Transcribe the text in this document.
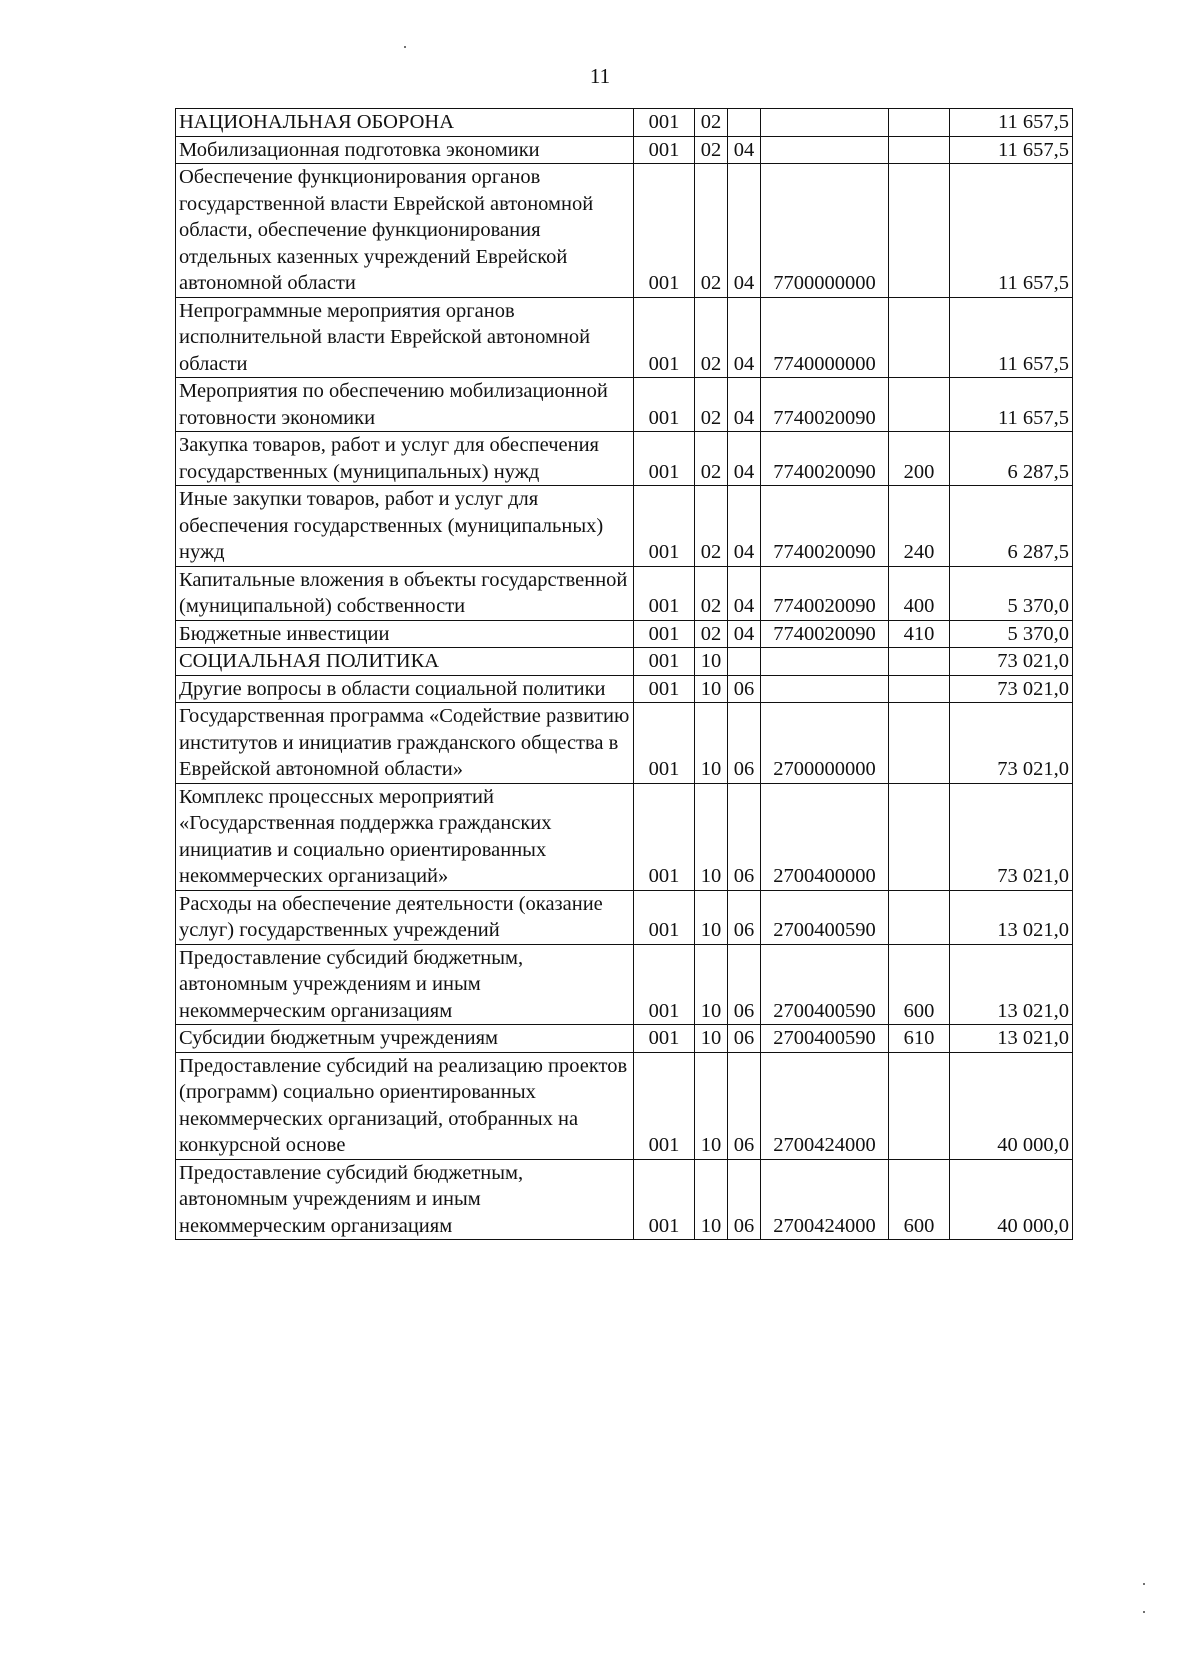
11
НАЦИОНАЛЬНАЯ ОБОРОНА	001	02				11 657,5
Мобилизационная подготовка экономики	001	02	04			11 657,5
Обеспечение функционирования органов государственной власти Еврейской автономной области, обеспечение функционирования отдельных казенных учреждений Еврейской автономной области	001	02	04	7700000000		11 657,5
Непрограммные мероприятия органов исполнительной власти Еврейской автономной области	001	02	04	7740000000		11 657,5
Мероприятия по обеспечению мобилизационной готовности экономики	001	02	04	7740020090		11 657,5
Закупка товаров, работ и услуг для обеспечения государственных (муниципальных) нужд	001	02	04	7740020090	200	6 287,5
Иные закупки товаров, работ и услуг для обеспечения государственных (муниципальных) нужд	001	02	04	7740020090	240	6 287,5
Капитальные вложения в объекты государственной (муниципальной) собственности	001	02	04	7740020090	400	5 370,0
Бюджетные инвестиции	001	02	04	7740020090	410	5 370,0
СОЦИАЛЬНАЯ ПОЛИТИКА	001	10				73 021,0
Другие вопросы в области социальной политики	001	10	06			73 021,0
Государственная программа «Содействие развитию институтов и инициатив гражданского общества в Еврейской автономной области»	001	10	06	2700000000		73 021,0
Комплекс процессных мероприятий «Государственная поддержка гражданских инициатив и социально ориентированных некоммерческих организаций»	001	10	06	2700400000		73 021,0
Расходы на обеспечение деятельности (оказание услуг) государственных учреждений	001	10	06	2700400590		13 021,0
Предоставление субсидий бюджетным, автономным учреждениям и иным некоммерческим организациям	001	10	06	2700400590	600	13 021,0
Субсидии бюджетным учреждениям	001	10	06	2700400590	610	13 021,0
Предоставление субсидий на реализацию проектов (программ) социально ориентированных некоммерческих организаций, отобранных на конкурсной основе	001	10	06	2700424000		40 000,0
Предоставление субсидий бюджетным, автономным учреждениям и иным некоммерческим организациям	001	10	06	2700424000	600	40 000,0
